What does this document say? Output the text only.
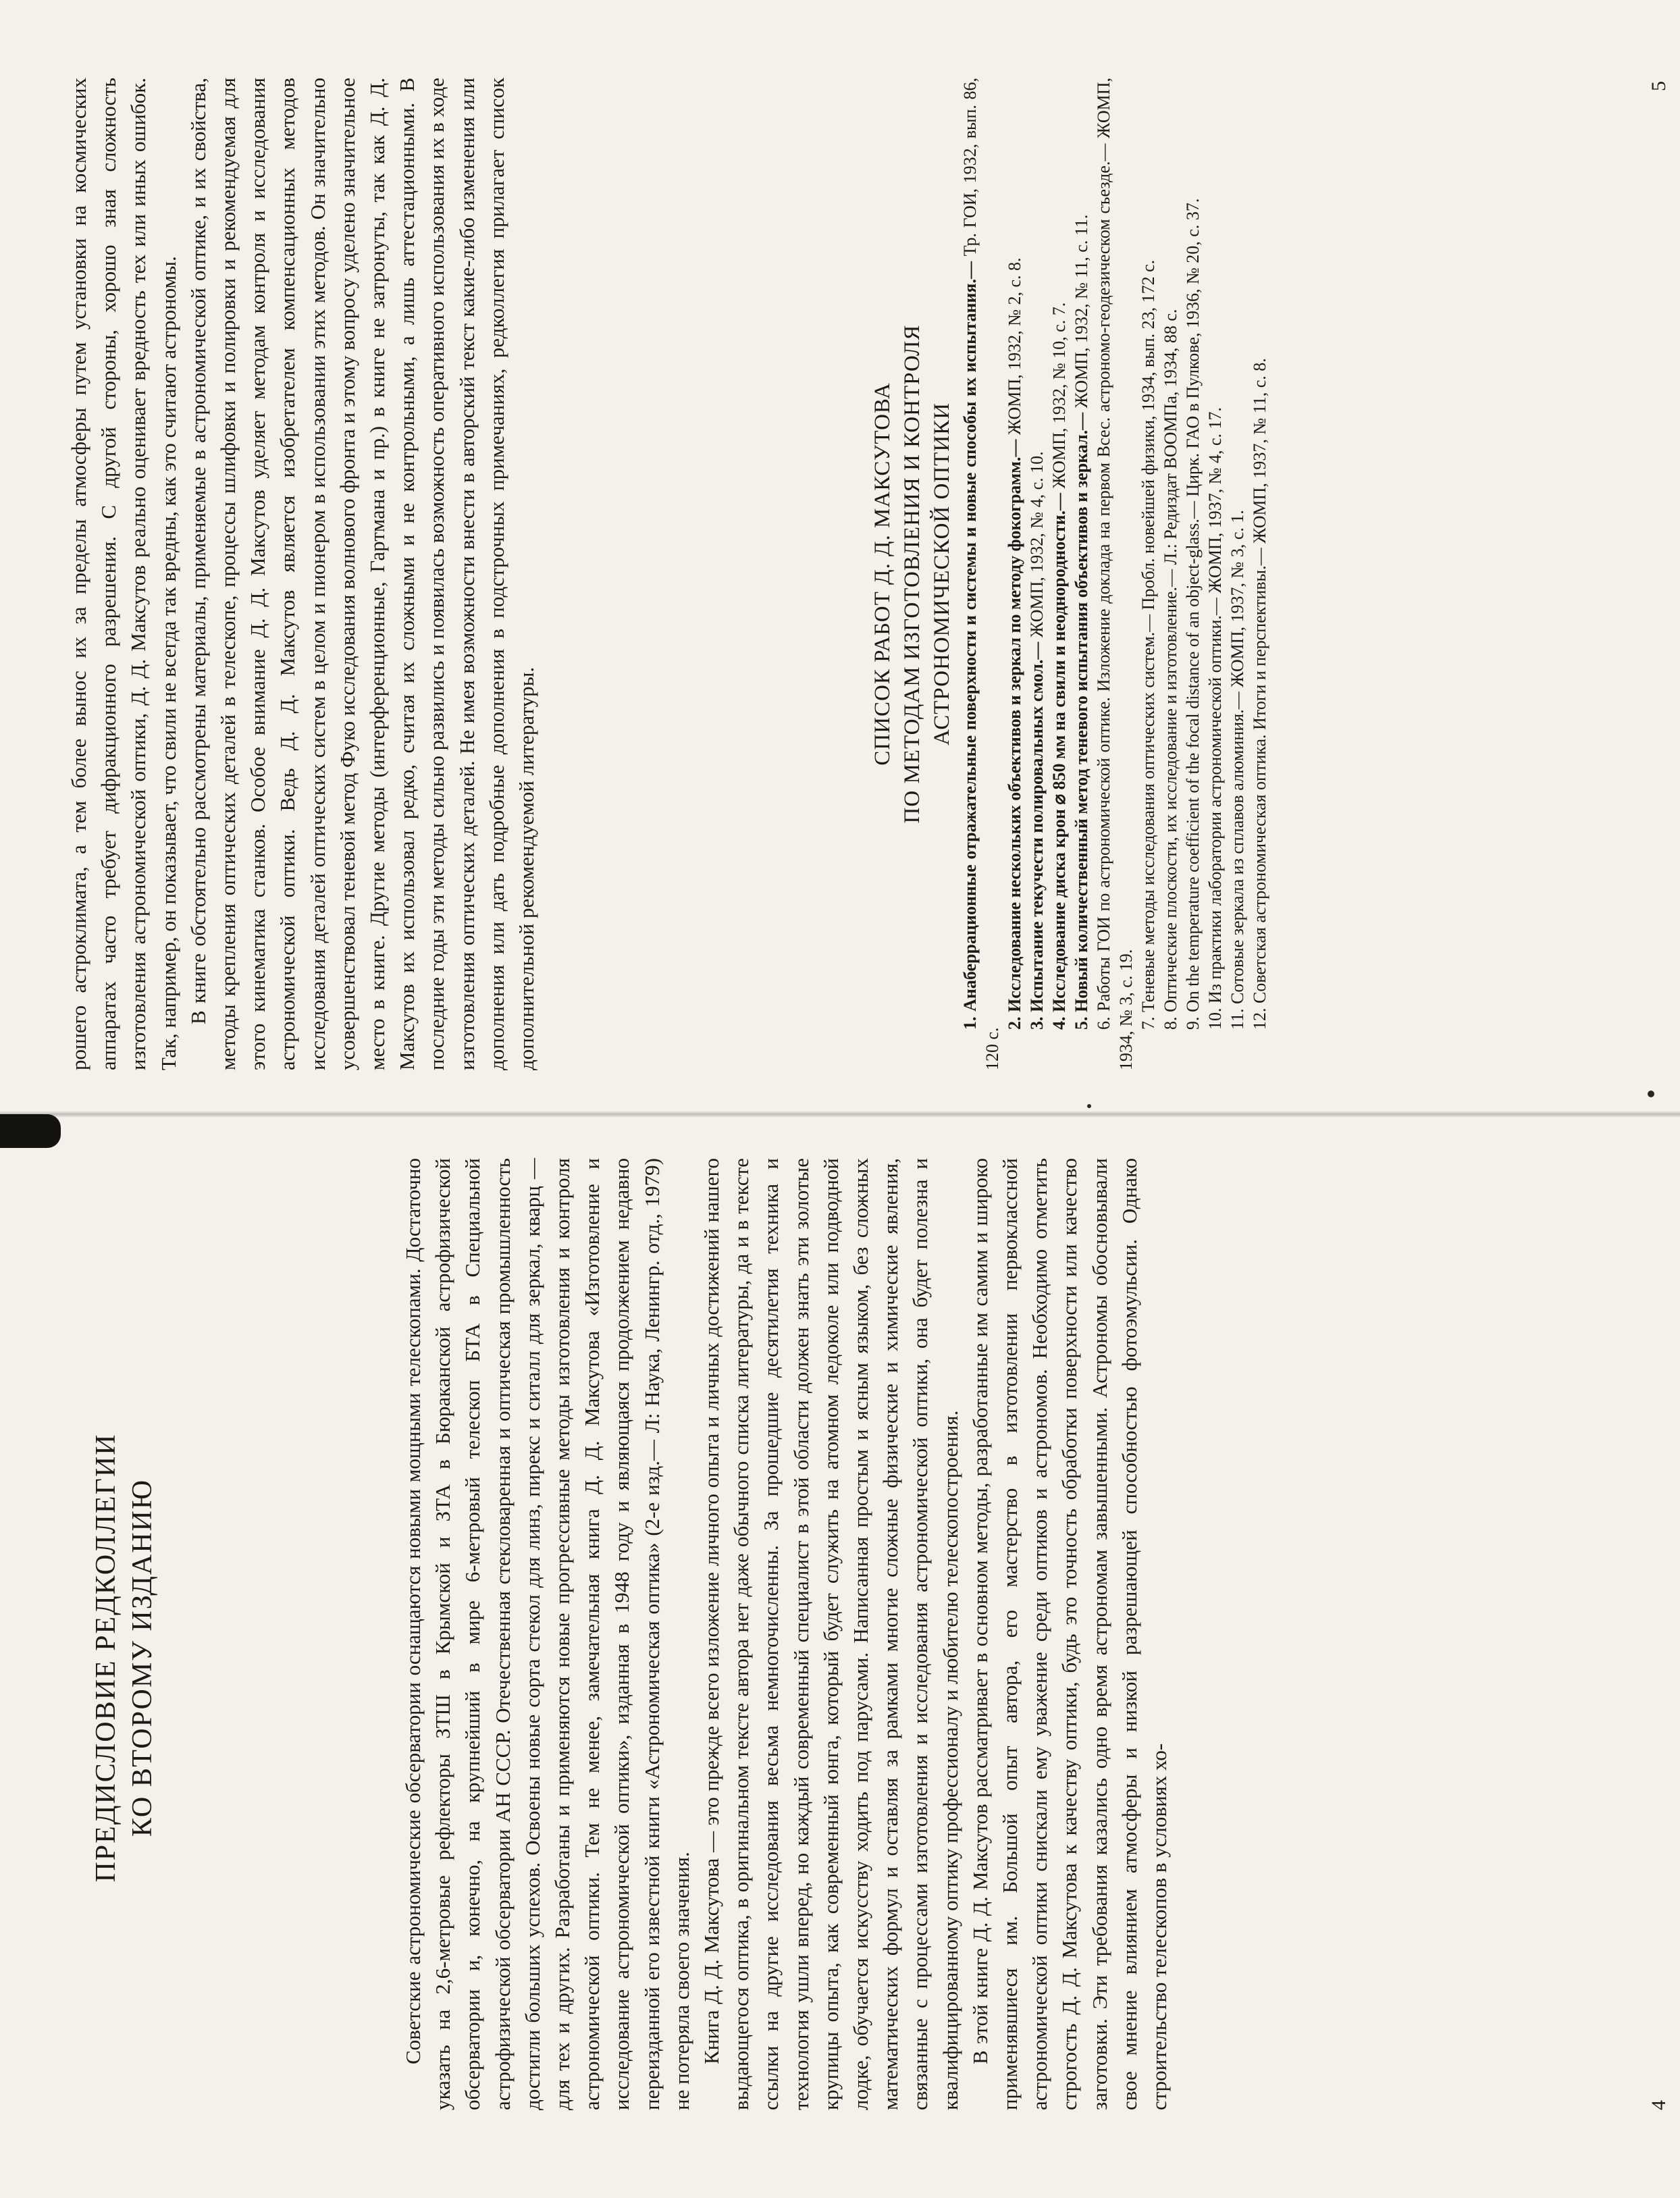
ПРЕДИСЛОВИЕ РЕДКОЛЛЕГИИ КО ВТОРОМУ ИЗДАНИЮ	Советские астрономические обсерватории оснащаются новыми мощными телескопами. Достаточно указать на 2,6-метровые рефлекторы ЗТШ в Крымской и ЗТА в Бюраканской астрофизической обсерватории и, конечно, на крупнейший в мире 6-метровый телескоп БТА в Специальной астрофизической обсерватории АН СССР. Отечественная стекловаренная и оптическая промышленность достигли больших успехов. Освоены новые сорта стекол для линз, пирекс и ситалл для зеркал, кварц — для тех и других. Разработаны и применяются новые прогрессивные методы изготовления и контроля астрономической оптики. Тем не менее, замечательная книга Д. Д. Максутова «Изготовление и исследование астрономической оптики», изданная в 1948 году и являющаяся продолжением недавно переизданной его известной книги «Астрономическая оптика» (2-е изд.— Л: Наука, Ленингр. отд., 1979) не потеряла своего значения. Книга Д. Д. Максутова — это прежде всего изложение личного опыта и личных достижений нашего выдающегося оптика, в оригинальном тексте автора нет даже обычного списка литературы, да и в тексте ссылки на другие исследования весьма немногочисленны. За прошедшие десятилетия техника и технология ушли вперед, но каждый современный специалист в этой области должен знать эти золотые крупицы опыта, как современный юнга, который будет служить на атомном ледоколе или подводной лодке, обучается искусству ходить под парусами. Написанная простым и ясным языком, без сложных математических формул и оставляя за рамками многие сложные физические и химические явления, связанные с процессами изготовления и исследования астрономической оптики, она будет полезна и квалифицированному оптику профессионалу и любителю телескопостроения. В этой книге Д. Д. Максутов рассматривает в основном методы, разработанные им самим и широко применявшиеся им. Большой опыт автора, его мастерство в изготовлении первоклассной астрономической оптики снискали ему уважение среди оптиков и астрономов. Необходимо отметить строгость Д. Д. Максутова к качеству оптики, будь это точность обработки поверхности или качество заготовки. Эти требования казались одно время астрономам завышенными. Астрономы обосновывали свое мнение влиянием атмосферы и низкой разрешающей способностью фотоэмульсии. Однако строительство телескопов в условиях хо-	4

рошего астроклимата, а тем более вынос их за пределы атмосферы путем установки на космических аппаратах часто требует дифракционного разрешения. С другой стороны, хорошо зная сложность изготовления астрономической оптики, Д. Д. Максутов реально оценивает вредность тех или иных ошибок. Так, например, он показывает, что свили не всегда так вредны, как это считают астрономы. В книге обстоятельно рассмотрены материалы, применяемые в астрономической оптике, и их свойства, методы крепления оптических деталей в телескопе, процессы шлифовки и полировки и рекомендуемая для этого кинематика станков. Особое внимание Д. Д. Максутов уделяет методам контроля и исследования астрономической оптики. Ведь Д. Д. Максутов является изобретателем компенсационных методов исследования деталей оптических систем в целом и пионером в использовании этих методов. Он значительно усовершенствовал теневой метод Фуко исследования волнового фронта и этому вопросу уделено значительное место в книге. Другие методы (интерференционные, Гартмана и пр.) в книге не затронуты, так как Д. Д. Максутов их использовал редко, считая их сложными и не контрольными, а лишь аттестационными. В последние годы эти методы сильно развились и появилась возможность оперативного использования их в ходе изготовления оптических деталей. Не имея возможности внести в авторский текст какие-либо изменения или дополнения или дать подробные дополнения в подстрочных примечаниях, редколлегия прилагает список дополнительной рекомендуемой литературы.

СПИСОК РАБОТ Д. Д. МАКСУТОВА ПО МЕТОДАМ ИЗГОТОВЛЕНИЯ И КОНТРОЛЯ АСТРОНОМИЧЕСКОЙ ОПТИКИ 1. Анаберрационные отражательные поверхности и системы и новые способы их испытания.— Тр. ГОИ, 1932, вып. 86, 120 с.

2. Исследование нескольких объективов и зеркал по методу фокограмм.— ЖОМП, 1932, № 2, с. 8.

3. Испытание текучести полировальных смол.— ЖОМП, 1932, № 4, с. 10. 4. Исследование диска крон ⌀ 850 мм на свили и неоднородности.— ЖОМП, 1932, № 10, с. 7.

5. Новый количественный метод теневого испытания объективов и зеркал.— ЖОМП, 1932, № 11, с. 11.

6. Работы ГОИ по астрономической оптике. Изложение доклада на первом Всес. астрономо-геодезическом съезде.— ЖОМП, 1934, № 3, с. 19. 7. Теневые методы исследования оптических систем.— Пробл. новейшей физики, 1934, вып. 23, 172 с.

8. Оптические плоскости, их исследование и изготовление.— Л.: Редиздат ВООМПа, 1934, 88 с.

9. On the temperature coefficient of the focal distance of an object-glass.— Цирк. ГАО в Пулкове, 1936, № 20, с. 37.

10. Из практики лаборатории астрономической оптики.— ЖОМП, 1937, № 4, с. 17.

11. Сотовые зеркала из сплавов алюминия.— ЖОМП, 1937, № 3, с. 1. 12. Советская астрономическая оптика. Итоги и перспективы.— ЖОМП, 1937, № 11, с. 8.

5
